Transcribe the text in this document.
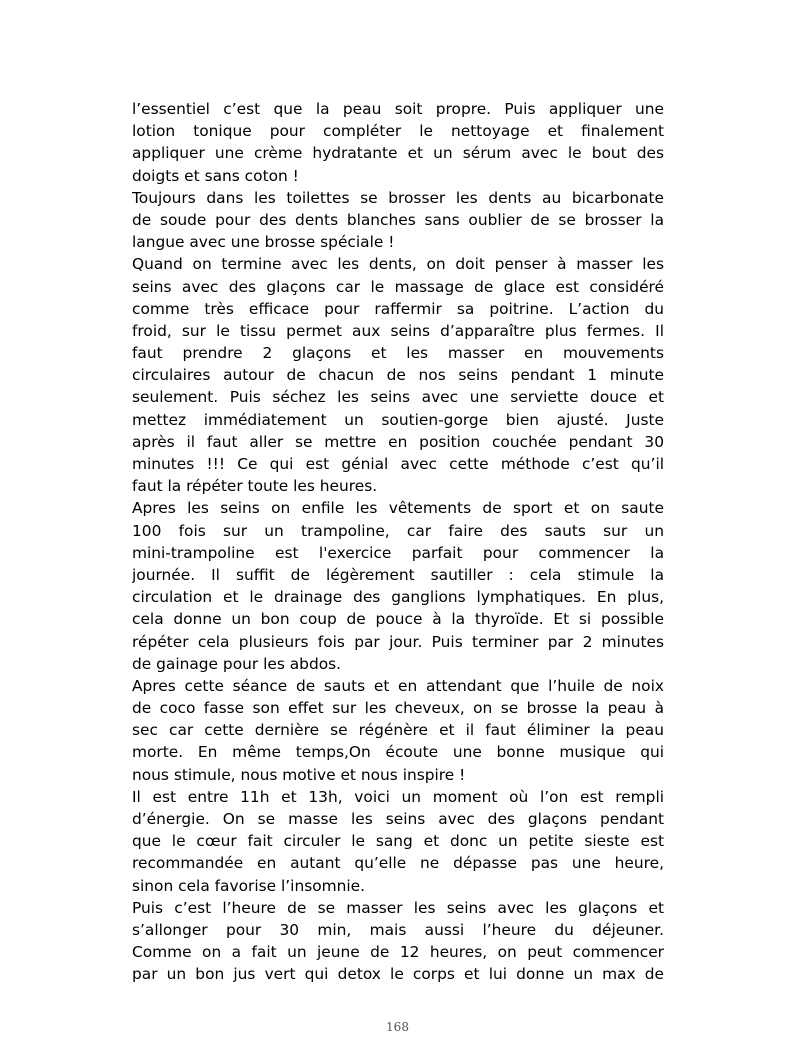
l’essentiel c’est que la peau soit propre. Puis appliquer une
lotion tonique pour compléter le nettoyage et finalement
appliquer une crème hydratante et un sérum avec le bout des
doigts et sans coton !
Toujours dans les toilettes se brosser les dents au bicarbonate
de soude pour des dents blanches sans oublier de se brosser la
langue avec une brosse spéciale !
Quand on termine avec les dents, on doit penser à masser les
seins avec des glaçons car le massage de glace est considéré
comme très efficace pour raffermir sa poitrine. L’action du
froid, sur le tissu permet aux seins d’apparaître plus fermes. Il
faut prendre 2 glaçons et les masser en mouvements
circulaires autour de chacun de nos seins pendant 1 minute
seulement. Puis séchez les seins avec une serviette douce et
mettez immédiatement un soutien-gorge bien ajusté. Juste
après il faut aller se mettre en position couchée pendant 30
minutes !!! Ce qui est génial avec cette méthode c’est qu’il
faut la répéter toute les heures.
Apres les seins on enfile les vêtements de sport et on saute
100 fois sur un trampoline, car faire des sauts sur un
mini-trampoline est l'exercice parfait pour commencer la
journée. Il suffit de légèrement sautiller : cela stimule la
circulation et le drainage des ganglions lymphatiques. En plus,
cela donne un bon coup de pouce à la thyroïde. Et si possible
répéter cela plusieurs fois par jour. Puis terminer par 2 minutes
de gainage pour les abdos.
Apres cette séance de sauts et en attendant que l’huile de noix
de coco fasse son effet sur les cheveux, on se brosse la peau à
sec car cette dernière se régénère et il faut éliminer la peau
morte. En même temps,On écoute une bonne musique qui
nous stimule, nous motive et nous inspire !
Il est entre 11h et 13h, voici un moment où l’on est rempli
d’énergie. On se masse les seins avec des glaçons pendant
que le cœur fait circuler le sang et donc un petite sieste est
recommandée en autant qu’elle ne dépasse pas une heure,
sinon cela favorise l’insomnie.
Puis c’est l’heure de se masser les seins avec les glaçons et
s’allonger pour 30 min, mais aussi l’heure du déjeuner.
Comme on a fait un jeune de 12 heures, on peut commencer
par un bon jus vert qui detox le corps et lui donne un max de
168
